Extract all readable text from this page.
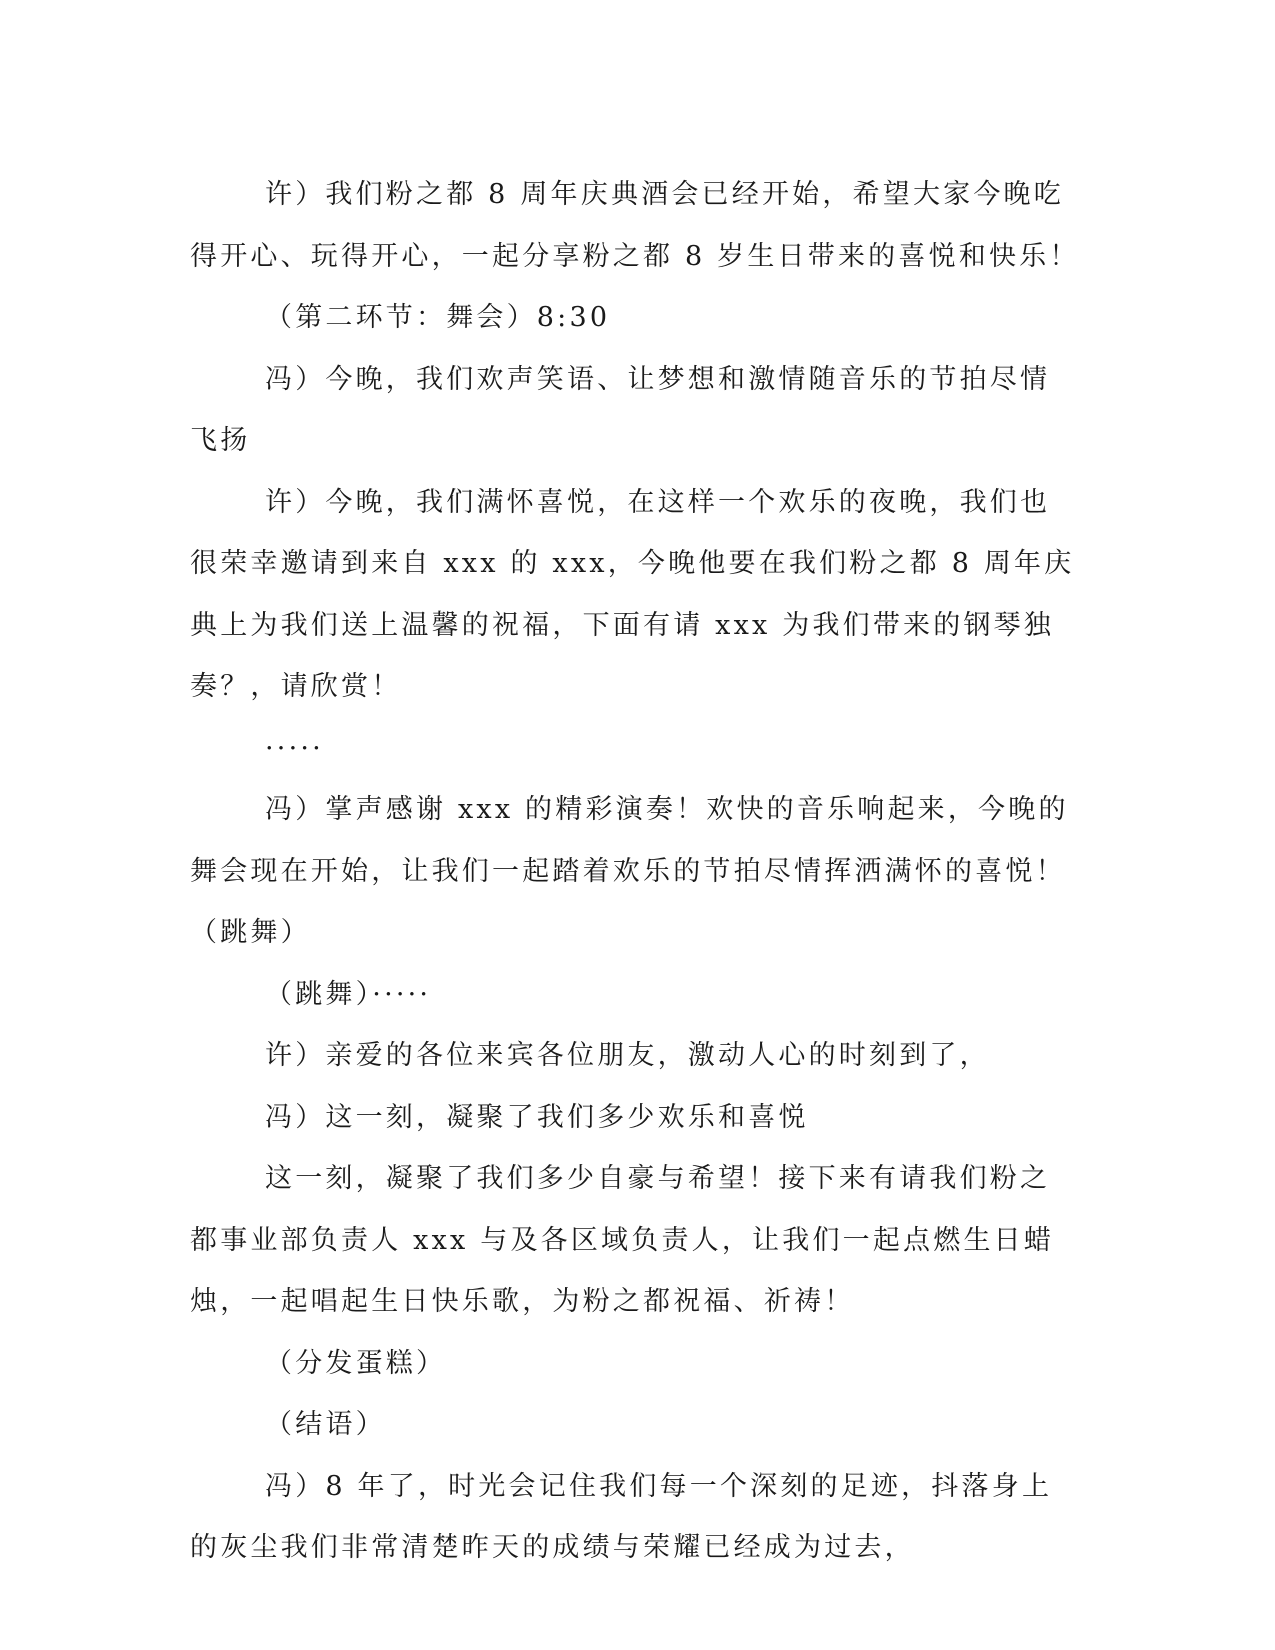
许）我们粉之都 8 周年庆典酒会已经开始，希望大家今晚吃得开心、玩得开心，一起分享粉之都 8 岁生日带来的喜悦和快乐！

（第二环节：舞会）8:30

冯）今晚，我们欢声笑语、让梦想和激情随音乐的节拍尽情飞扬

许）今晚，我们满怀喜悦，在这样一个欢乐的夜晚，我们也很荣幸邀请到来自 xxx 的 xxx，今晚他要在我们粉之都 8 周年庆典上为我们送上温馨的祝福，下面有请 xxx 为我们带来的钢琴独奏？，请欣赏！

·····

冯）掌声感谢 xxx 的精彩演奏！欢快的音乐响起来，今晚的舞会现在开始，让我们一起踏着欢乐的节拍尽情挥洒满怀的喜悦！（跳舞）

（跳舞）·····

许）亲爱的各位来宾各位朋友，激动人心的时刻到了，

冯）这一刻，凝聚了我们多少欢乐和喜悦

这一刻，凝聚了我们多少自豪与希望！接下来有请我们粉之都事业部负责人 xxx 与及各区域负责人，让我们一起点燃生日蜡烛，一起唱起生日快乐歌，为粉之都祝福、祈祷！

（分发蛋糕）

（结语）

冯）8 年了，时光会记住我们每一个深刻的足迹，抖落身上的灰尘我们非常清楚昨天的成绩与荣耀已经成为过去，
